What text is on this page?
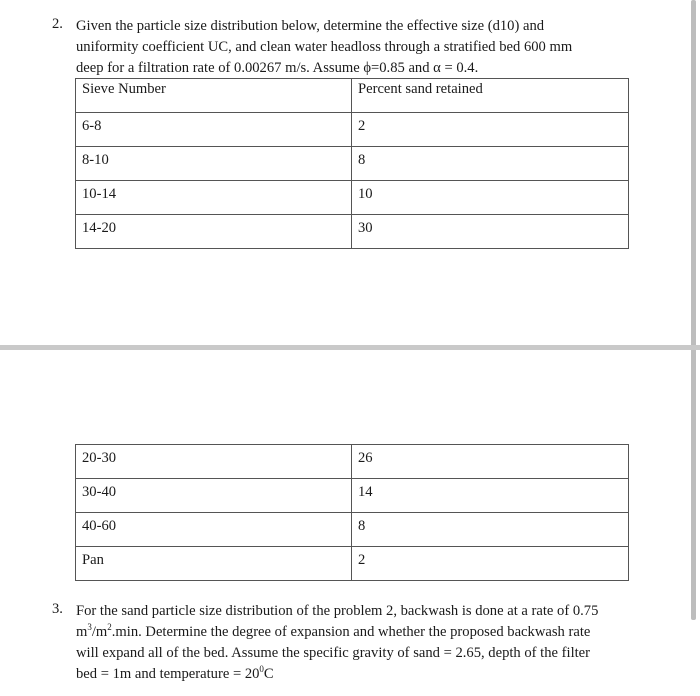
2. Given the particle size distribution below, determine the effective size (d10) and
uniformity coefficient UC, and clean water headloss through a stratified bed 600 mm
deep for a filtration rate of 0.00267 m/s. Assume ϕ=0.85 and α = 0.4.
Sieve Number	Percent sand retained
6-8	2
8-10	8
10-14	10
14-20	30
20-30	26
30-40	14
40-60	8
Pan	2
3. For the sand particle size distribution of the problem 2, backwash is done at a rate of 0.75
$m^3/m^2.\min$. Determine the degree of expansion and whether the proposed backwash rate
will expand all of the bed. Assume the specific gravity of sand = 2.65, depth of the filter
bed = 1m and temperature = $20^0C$
